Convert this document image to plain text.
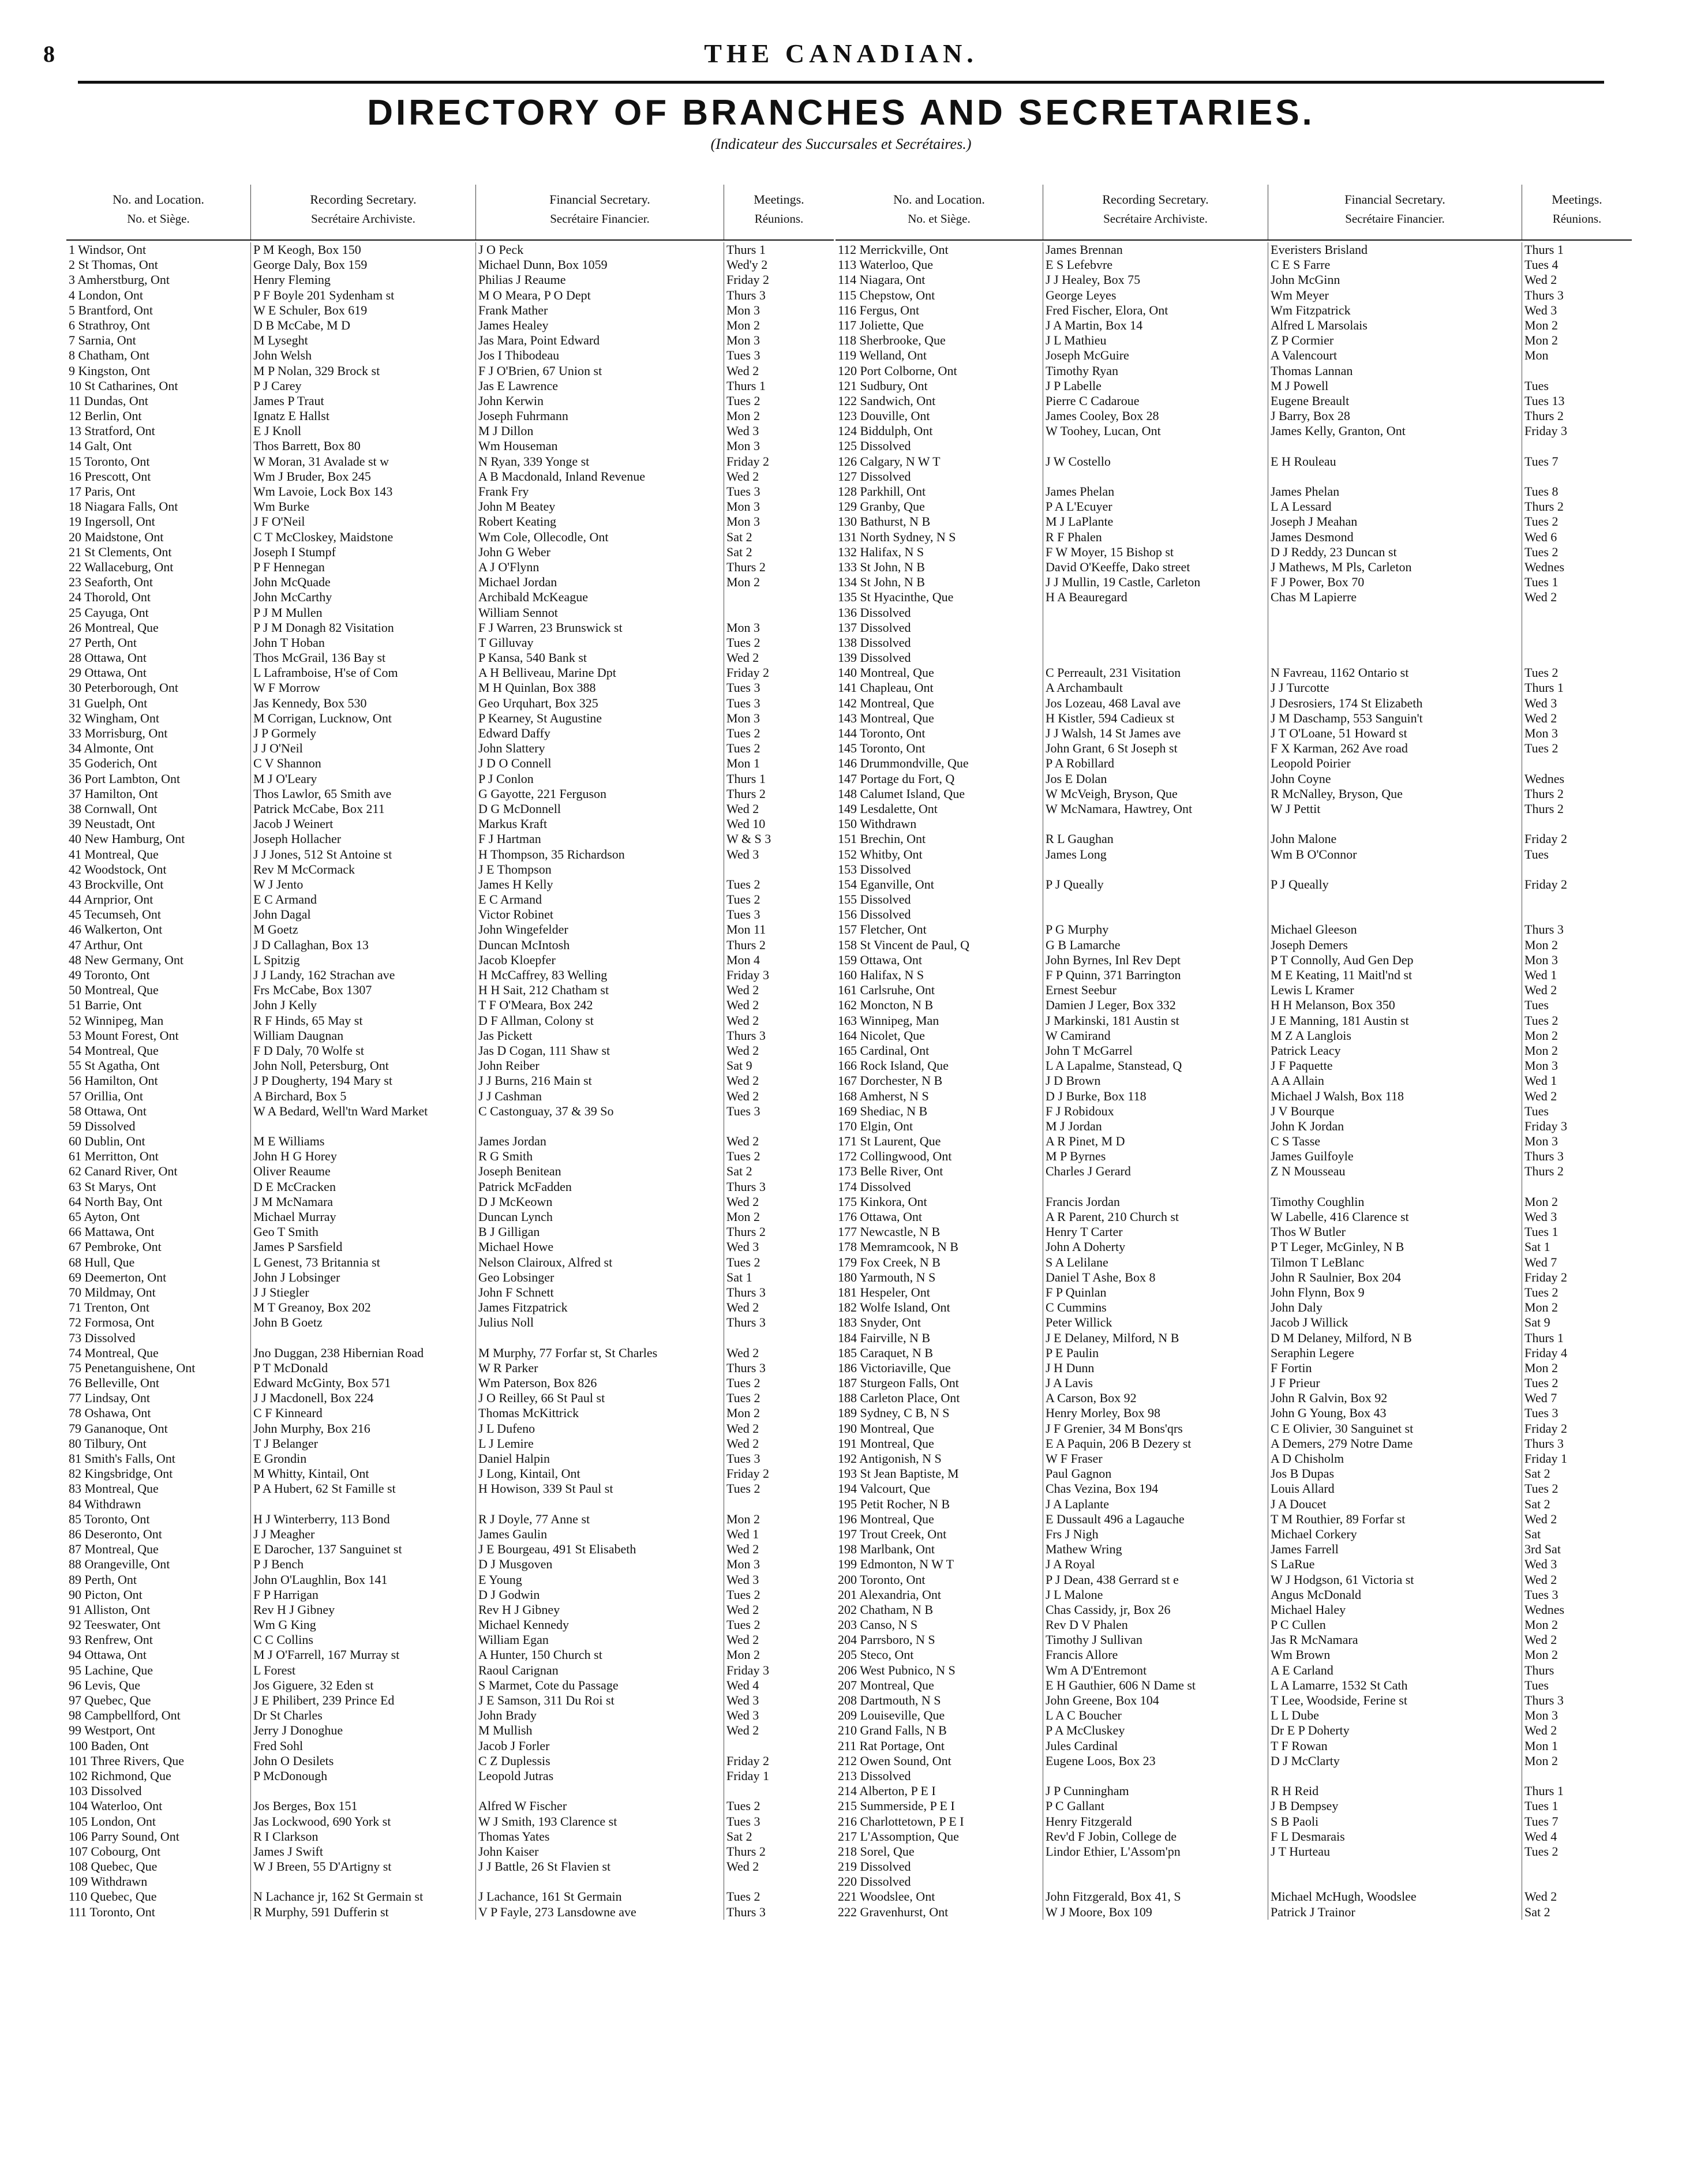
8	THE CANADIAN.
DIRECTORY OF BRANCHES AND SECRETARIES.
(Indicateur des Succursales et Secrétaires.)
No. and Location.
No. et Siège.
Recording Secretary.
Secrétaire Archiviste.
Financial Secretary.
Secrétaire Financier.
Meetings.
Réunions.
1 Windsor, Ont	P M Keogh, Box 150	J O Peck	Thurs 1
2 St Thomas, Ont	George Daly, Box 159	Michael Dunn, Box 1059	Wed'y 2
3 Amherstburg, Ont	Henry Fleming	Philias J Reaume	Friday 2
4 London, Ont	P F Boyle 201 Sydenham st	M O Meara, P O Dept	Thurs 3
5 Brantford, Ont	W E Schuler, Box 619	Frank Mather	Mon 3
6 Strathroy, Ont	D B McCabe, M D	James Healey	Mon 2
7 Sarnia, Ont	M Lyseght	Jas Mara, Point Edward	Mon 3
8 Chatham, Ont	John Welsh	Jos I Thibodeau	Tues 3
9 Kingston, Ont	M P Nolan, 329 Brock st	F J O'Brien, 67 Union st	Wed 2
10 St Catharines, Ont	P J Carey	Jas E Lawrence	Thurs 1
11 Dundas, Ont	James P Traut	John Kerwin	Tues 2
12 Berlin, Ont	Ignatz E Hallst	Joseph Fuhrmann	Mon 2
13 Stratford, Ont	E J Knoll	M J Dillon	Wed 3
14 Galt, Ont	Thos Barrett, Box 80	Wm Houseman	Mon 3
15 Toronto, Ont	W Moran, 31 Avalade st w	N Ryan, 339 Yonge st	Friday 2
16 Prescott, Ont	Wm J Bruder, Box 245	A B Macdonald, Inland Revenue	Wed 2
17 Paris, Ont	Wm Lavoie, Lock Box 143	Frank Fry	Tues 3
18 Niagara Falls, Ont	Wm Burke	John M Beatey	Mon 3
19 Ingersoll, Ont	J F O'Neil	Robert Keating	Mon 3
20 Maidstone, Ont	C T McCloskey, Maidstone	Wm Cole, Ollecodle, Ont	Sat 2
21 St Clements, Ont	Joseph I Stumpf	John G Weber	Sat 2
22 Wallaceburg, Ont	P F Hennegan	A J O'Flynn	Thurs 2
23 Seaforth, Ont	John McQuade	Michael Jordan	Mon 2
24 Thorold, Ont	John McCarthy	Archibald McKeague
25 Cayuga, Ont	P J M Mullen	William Sennot
26 Montreal, Que	P J M Donagh 82 Visitation	F J Warren, 23 Brunswick st	Mon 3
27 Perth, Ont	John T Hoban	T Gilluvay	Tues 2
28 Ottawa, Ont	Thos McGrail, 136 Bay st	P Kansa, 540 Bank st	Wed 2
29 Ottawa, Ont	L Laframboise, H'se of Com	A H Belliveau, Marine Dpt	Friday 2
30 Peterborough, Ont	W F Morrow	M H Quinlan, Box 388	Tues 3
31 Guelph, Ont	Jas Kennedy, Box 530	Geo Urquhart, Box 325	Tues 3
32 Wingham, Ont	M Corrigan, Lucknow, Ont	P Kearney, St Augustine	Mon 3
33 Morrisburg, Ont	J P Gormely	Edward Daffy	Tues 2
34 Almonte, Ont	J J O'Neil	John Slattery	Tues 2
35 Goderich, Ont	C V Shannon	J D O Connell	Mon 1
36 Port Lambton, Ont	M J O'Leary	P J Conlon	Thurs 1
37 Hamilton, Ont	Thos Lawlor, 65 Smith ave	G Gayotte, 221 Ferguson	Thurs 2
38 Cornwall, Ont	Patrick McCabe, Box 211	D G McDonnell	Wed 2
39 Neustadt, Ont	Jacob J Weinert	Markus Kraft	Wed 10
40 New Hamburg, Ont	Joseph Hollacher	F J Hartman	W & S 3
41 Montreal, Que	J J Jones, 512 St Antoine st	H Thompson, 35 Richardson	Wed 3
42 Woodstock, Ont	Rev M McCormack	J E Thompson
43 Brockville, Ont	W J Jento	James H Kelly	Tues 2
44 Arnprior, Ont	E C Armand	E C Armand	Tues 2
45 Tecumseh, Ont	John Dagal	Victor Robinet	Tues 3
46 Walkerton, Ont	M Goetz	John Wingefelder	Mon 11
47 Arthur, Ont	J D Callaghan, Box 13	Duncan McIntosh	Thurs 2
48 New Germany, Ont	L Spitzig	Jacob Kloepfer	Mon 4
49 Toronto, Ont	J J Landy, 162 Strachan ave	H McCaffrey, 83 Welling	Friday 3
50 Montreal, Que	Frs McCabe, Box 1307	H H Sait, 212 Chatham st	Wed 2
51 Barrie, Ont	John J Kelly	T F O'Meara, Box 242	Wed 2
52 Winnipeg, Man	R F Hinds, 65 May st	D F Allman, Colony st	Wed 2
53 Mount Forest, Ont	William Daugnan	Jas Pickett	Thurs 3
54 Montreal, Que	F D Daly, 70 Wolfe st	Jas D Cogan, 111 Shaw st	Wed 2
55 St Agatha, Ont	John Noll, Petersburg, Ont	John Reiber	Sat 9
56 Hamilton, Ont	J P Dougherty, 194 Mary st	J J Burns, 216 Main st	Wed 2
57 Orillia, Ont	A Birchard, Box 5	J J Cashman	Wed 2
58 Ottawa, Ont	W A Bedard, Well'tn Ward Market	C Castonguay, 37 & 39 So	Tues 3
59 Dissolved
60 Dublin, Ont	M E Williams	James Jordan	Wed 2
61 Merritton, Ont	John H G Horey	R G Smith	Tues 2
62 Canard River, Ont	Oliver Reaume	Joseph Benitean	Sat 2
63 St Marys, Ont	D E McCracken	Patrick McFadden	Thurs 3
64 North Bay, Ont	J M McNamara	D J McKeown	Wed 2
65 Ayton, Ont	Michael Murray	Duncan Lynch	Mon 2
66 Mattawa, Ont	Geo T Smith	B J Gilligan	Thurs 2
67 Pembroke, Ont	James P Sarsfield	Michael Howe	Wed 3
68 Hull, Que	L Genest, 73 Britannia st	Nelson Clairoux, Alfred st	Tues 2
69 Deemerton, Ont	John J Lobsinger	Geo Lobsinger	Sat 1
70 Mildmay, Ont	J J Stiegler	John F Schnett	Thurs 3
71 Trenton, Ont	M T Greanoy, Box 202	James Fitzpatrick	Wed 2
72 Formosa, Ont	John B Goetz	Julius Noll	Thurs 3
73 Dissolved
74 Montreal, Que	Jno Duggan, 238 Hibernian Road	M Murphy, 77 Forfar st, St Charles	Wed 2
75 Penetanguishene, Ont	P T McDonald	W R Parker	Thurs 3
76 Belleville, Ont	Edward McGinty, Box 571	Wm Paterson, Box 826	Tues 2
77 Lindsay, Ont	J J Macdonell, Box 224	J O Reilley, 66 St Paul st	Tues 2
78 Oshawa, Ont	C F Kinneard	Thomas McKittrick	Mon 2
79 Gananoque, Ont	John Murphy, Box 216	J L Dufeno	Wed 2
80 Tilbury, Ont	T J Belanger	L J Lemire	Wed 2
81 Smith's Falls, Ont	E Grondin	Daniel Halpin	Tues 3
82 Kingsbridge, Ont	M Whitty, Kintail, Ont	J Long, Kintail, Ont	Friday 2
83 Montreal, Que	P A Hubert, 62 St Famille st	H Howison, 339 St Paul st	Tues 2
84 Withdrawn
85 Toronto, Ont	H J Winterberry, 113 Bond	R J Doyle, 77 Anne st	Mon 2
86 Deseronto, Ont	J J Meagher	James Gaulin	Wed 1
87 Montreal, Que	E Darocher, 137 Sanguinet st	J E Bourgeau, 491 St Elisabeth	Wed 2
88 Orangeville, Ont	P J Bench	D J Musgoven	Mon 3
89 Perth, Ont	John O'Laughlin, Box 141	E Young	Wed 3
90 Picton, Ont	F P Harrigan	D J Godwin	Tues 2
91 Alliston, Ont	Rev H J Gibney	Rev H J Gibney	Wed 2
92 Teeswater, Ont	Wm G King	Michael Kennedy	Tues 2
93 Renfrew, Ont	C C Collins	William Egan	Wed 2
94 Ottawa, Ont	M J O'Farrell, 167 Murray st	A Hunter, 150 Church st	Mon 2
95 Lachine, Que	L Forest	Raoul Carignan	Friday 3
96 Levis, Que	Jos Giguere, 32 Eden st	S Marmet, Cote du Passage	Wed 4
97 Quebec, Que	J E Philibert, 239 Prince Ed	J E Samson, 311 Du Roi st	Wed 3
98 Campbellford, Ont	Dr St Charles	John Brady	Wed 3
99 Westport, Ont	Jerry J Donoghue	M Mullish	Wed 2
100 Baden, Ont	Fred Sohl	Jacob J Forler
101 Three Rivers, Que	John O Desilets	C Z Duplessis	Friday 2
102 Richmond, Que	P McDonough	Leopold Jutras	Friday 1
103 Dissolved
104 Waterloo, Ont	Jos Berges, Box 151	Alfred W Fischer	Tues 2
105 London, Ont	Jas Lockwood, 690 York st	W J Smith, 193 Clarence st	Tues 3
106 Parry Sound, Ont	R I Clarkson	Thomas Yates	Sat 2
107 Cobourg, Ont	James J Swift	John Kaiser	Thurs 2
108 Quebec, Que	W J Breen, 55 D'Artigny st	J J Battle, 26 St Flavien st	Wed 2
109 Withdrawn
110 Quebec, Que	N Lachance jr, 162 St Germain st	J Lachance, 161 St Germain	Tues 2
111 Toronto, Ont	R Murphy, 591 Dufferin st	V P Fayle, 273 Lansdowne ave	Thurs 3
No. and Location.
No. et Siège.
Recording Secretary.
Secrétaire Archiviste.
Financial Secretary.
Secrétaire Financier.
Meetings.
Réunions.
112 Merrickville, Ont	James Brennan	Everisters Brisland	Thurs 1
113 Waterloo, Que	E S Lefebvre	C E S Farre	Tues 4
114 Niagara, Ont	J J Healey, Box 75	John McGinn	Wed 2
115 Chepstow, Ont	George Leyes	Wm Meyer	Thurs 3
116 Fergus, Ont	Fred Fischer, Elora, Ont	Wm Fitzpatrick	Wed 3
117 Joliette, Que	J A Martin, Box 14	Alfred L Marsolais	Mon 2
118 Sherbrooke, Que	J L Mathieu	Z P Cormier	Mon 2
119 Welland, Ont	Joseph McGuire	A Valencourt	Mon
120 Port Colborne, Ont	Timothy Ryan	Thomas Lannan
121 Sudbury, Ont	J P Labelle	M J Powell	Tues
122 Sandwich, Ont	Pierre C Cadaroue	Eugene Breault	Tues 13
123 Douville, Ont	James Cooley, Box 28	J Barry, Box 28	Thurs 2
124 Biddulph, Ont	W Toohey, Lucan, Ont	James Kelly, Granton, Ont	Friday 3
125 Dissolved
126 Calgary, N W T	J W Costello	E H Rouleau	Tues 7
127 Dissolved
128 Parkhill, Ont	James Phelan	James Phelan	Tues 8
129 Granby, Que	P A L'Ecuyer	L A Lessard	Thurs 2
130 Bathurst, N B	M J LaPlante	Joseph J Meahan	Tues 2
131 North Sydney, N S	R F Phalen	James Desmond	Wed 6
132 Halifax, N S	F W Moyer, 15 Bishop st	D J Reddy, 23 Duncan st	Tues 2
133 St John, N B	David O'Keeffe, Dako street	J Mathews, M Pls, Carleton	Wednes
134 St John, N B	J J Mullin, 19 Castle, Carleton	F J Power, Box 70	Tues 1
135 St Hyacinthe, Que	H A Beauregard	Chas M Lapierre	Wed 2
136 Dissolved
137 Dissolved
138 Dissolved
139 Dissolved
140 Montreal, Que	C Perreault, 231 Visitation	N Favreau, 1162 Ontario st	Tues 2
141 Chapleau, Ont	A Archambault	J J Turcotte	Thurs 1
142 Montreal, Que	Jos Lozeau, 468 Laval ave	J Desrosiers, 174 St Elizabeth	Wed 3
143 Montreal, Que	H Kistler, 594 Cadieux st	J M Daschamp, 553 Sanguin't	Wed 2
144 Toronto, Ont	J J Walsh, 14 St James ave	J T O'Loane, 51 Howard st	Mon 3
145 Toronto, Ont	John Grant, 6 St Joseph st	F X Karman, 262 Ave road	Tues 2
146 Drummondville, Que	P A Robillard	Leopold Poirier
147 Portage du Fort, Q	Jos E Dolan	John Coyne	Wednes
148 Calumet Island, Que	W McVeigh, Bryson, Que	R McNalley, Bryson, Que	Thurs 2
149 Lesdalette, Ont	W McNamara, Hawtrey, Ont	W J Pettit	Thurs 2
150 Withdrawn
151 Brechin, Ont	R L Gaughan	John Malone	Friday 2
152 Whitby, Ont	James Long	Wm B O'Connor	Tues
153 Dissolved
154 Eganville, Ont	P J Queally	P J Queally	Friday 2
155 Dissolved
156 Dissolved
157 Fletcher, Ont	P G Murphy	Michael Gleeson	Thurs 3
158 St Vincent de Paul, Q	G B Lamarche	Joseph Demers	Mon 2
159 Ottawa, Ont	John Byrnes, Inl Rev Dept	P T Connolly, Aud Gen Dep	Mon 3
160 Halifax, N S	F P Quinn, 371 Barrington	M E Keating, 11 Maitl'nd st	Wed 1
161 Carlsruhe, Ont	Ernest Seebur	Lewis L Kramer	Wed 2
162 Moncton, N B	Damien J Leger, Box 332	H H Melanson, Box 350	Tues
163 Winnipeg, Man	J Markinski, 181 Austin st	J E Manning, 181 Austin st	Tues 2
164 Nicolet, Que	W Camirand	M Z A Langlois	Mon 2
165 Cardinal, Ont	John T McGarrel	Patrick Leacy	Mon 2
166 Rock Island, Que	L A Lapalme, Stanstead, Q	J F Paquette	Mon 3
167 Dorchester, N B	J D Brown	A A Allain	Wed 1
168 Amherst, N S	D J Burke, Box 118	Michael J Walsh, Box 118	Wed 2
169 Shediac, N B	F J Robidoux	J V Bourque	Tues
170 Elgin, Ont	M J Jordan	John K Jordan	Friday 3
171 St Laurent, Que	A R Pinet, M D	C S Tasse	Mon 3
172 Collingwood, Ont	M P Byrnes	James Guilfoyle	Thurs 3
173 Belle River, Ont	Charles J Gerard	Z N Mousseau	Thurs 2
174 Dissolved
175 Kinkora, Ont	Francis Jordan	Timothy Coughlin	Mon 2
176 Ottawa, Ont	A R Parent, 210 Church st	W Labelle, 416 Clarence st	Wed 3
177 Newcastle, N B	Henry T Carter	Thos W Butler	Tues 1
178 Memramcook, N B	John A Doherty	P T Leger, McGinley, N B	Sat 1
179 Fox Creek, N B	S A Lelilane	Tilmon T LeBlanc	Wed 7
180 Yarmouth, N S	Daniel T Ashe, Box 8	John R Saulnier, Box 204	Friday 2
181 Hespeler, Ont	F P Quinlan	John Flynn, Box 9	Tues 2
182 Wolfe Island, Ont	C Cummins	John Daly	Mon 2
183 Snyder, Ont	Peter Willick	Jacob J Willick	Sat 9
184 Fairville, N B	J E Delaney, Milford, N B	D M Delaney, Milford, N B	Thurs 1
185 Caraquet, N B	P E Paulin	Seraphin Legere	Friday 4
186 Victoriaville, Que	J H Dunn	F Fortin	Mon 2
187 Sturgeon Falls, Ont	J A Lavis	J F Prieur	Tues 2
188 Carleton Place, Ont	A Carson, Box 92	John R Galvin, Box 92	Wed 7
189 Sydney, C B, N S	Henry Morley, Box 98	John G Young, Box 43	Tues 3
190 Montreal, Que	J F Grenier, 34 M Bons'qrs	C E Olivier, 30 Sanguinet st	Friday 2
191 Montreal, Que	E A Paquin, 206 B Dezery st	A Demers, 279 Notre Dame	Thurs 3
192 Antigonish, N S	W F Fraser	A D Chisholm	Friday 1
193 St Jean Baptiste, M	Paul Gagnon	Jos B Dupas	Sat 2
194 Valcourt, Que	Chas Vezina, Box 194	Louis Allard	Tues 2
195 Petit Rocher, N B	J A Laplante	J A Doucet	Sat 2
196 Montreal, Que	E Dussault 496 a Lagauche	T M Routhier, 89 Forfar st	Wed 2
197 Trout Creek, Ont	Frs J Nigh	Michael Corkery	Sat
198 Marlbank, Ont	Mathew Wring	James Farrell	3rd Sat
199 Edmonton, N W T	J A Royal	S LaRue	Wed 3
200 Toronto, Ont	P J Dean, 438 Gerrard st e	W J Hodgson, 61 Victoria st	Wed 2
201 Alexandria, Ont	J L Malone	Angus McDonald	Tues 3
202 Chatham, N B	Chas Cassidy, jr, Box 26	Michael Haley	Wednes
203 Canso, N S	Rev D V Phalen	P C Cullen	Mon 2
204 Parrsboro, N S	Timothy J Sullivan	Jas R McNamara	Wed 2
205 Steco, Ont	Francis Allore	Wm Brown	Mon 2
206 West Pubnico, N S	Wm A D'Entremont	A E Carland	Thurs
207 Montreal, Que	E H Gauthier, 606 N Dame st	L A Lamarre, 1532 St Cath	Tues
208 Dartmouth, N S	John Greene, Box 104	T Lee, Woodside, Ferine st	Thurs 3
209 Louiseville, Que	L A C Boucher	L L Dube	Mon 3
210 Grand Falls, N B	P A McCluskey	Dr E P Doherty	Wed 2
211 Rat Portage, Ont	Jules Cardinal	T F Rowan	Mon 1
212 Owen Sound, Ont	Eugene Loos, Box 23	D J McClarty	Mon 2
213 Dissolved
214 Alberton, P E I	J P Cunningham	R H Reid	Thurs 1
215 Summerside, P E I	P C Gallant	J B Dempsey	Tues 1
216 Charlottetown, P E I	Henry Fitzgerald	S B Paoli	Tues 7
217 L'Assomption, Que	Rev'd F Jobin, College de	F L Desmarais	Wed 4
218 Sorel, Que	Lindor Ethier, L'Assom'pn	J T Hurteau	Tues 2
219 Dissolved
220 Dissolved
221 Woodslee, Ont	John Fitzgerald, Box 41, S	Michael McHugh, Woodslee	Wed 2
222 Gravenhurst, Ont	W J Moore, Box 109	Patrick J Trainor	Sat 2
